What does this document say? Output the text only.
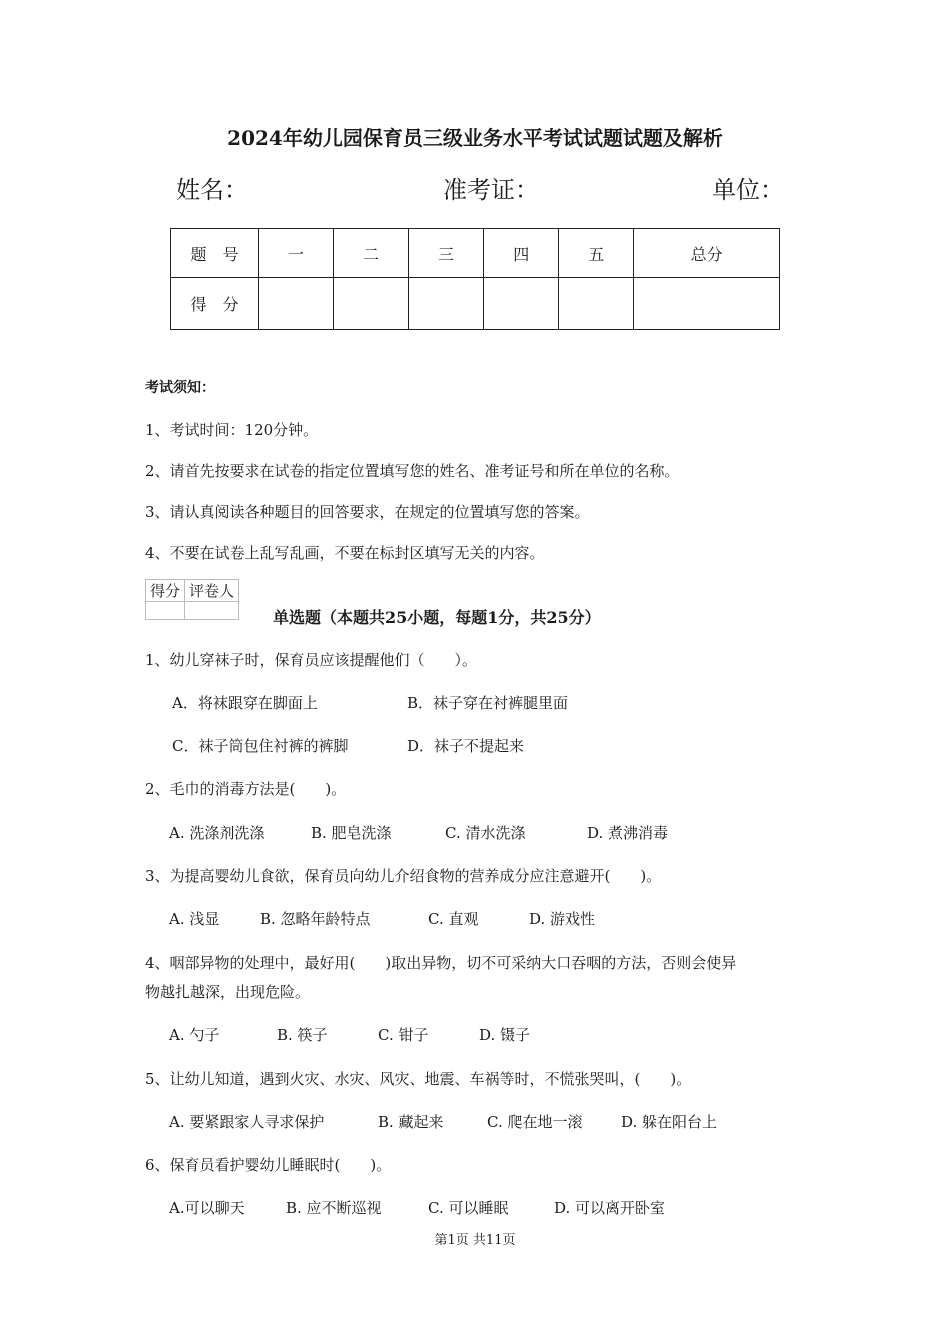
2024年幼儿园保育员三级业务水平考试试题试题及解析
姓名：	准考证：	单位：
题　号	一	二	三	四	五	总分
得　分						
考试须知：
1、考试时间：120分钟。
2、请首先按要求在试卷的指定位置填写您的姓名、准考证号和所在单位的名称。
3、请认真阅读各种题目的回答要求，在规定的位置填写您的答案。
4、不要在试卷上乱写乱画，不要在标封区填写无关的内容。
得分	评卷人

单选题（本题共25小题，每题1分，共25分）
1、幼儿穿袜子时，保育员应该提醒他们（　　）。
A．将袜跟穿在脚面上	B．袜子穿在衬裤腿里面
C．袜子筒包住衬裤的裤脚	D．袜子不提起来
2、毛巾的消毒方法是(　　)。
A. 洗涤剂洗涤	B. 肥皂洗涤	C. 清水洗涤	D. 煮沸消毒
3、为提高婴幼儿食欲，保育员向幼儿介绍食物的营养成分应注意避开(　　)。
A. 浅显	B. 忽略年龄特点	C. 直观	D. 游戏性
4、咽部异物的处理中，最好用(　　)取出异物，切不可采纳大口吞咽的方法，否则会使异
物越扎越深，出现危险。
A. 勺子	B. 筷子	C. 钳子	D. 镊子
5、让幼儿知道，遇到火灾、水灾、风灾、地震、车祸等时，不慌张哭叫，(　　)。
A. 要紧跟家人寻求保护	B. 藏起来	C. 爬在地一滚	D. 躲在阳台上
6、保育员看护婴幼儿睡眠时(　　)。
A.可以聊天	B. 应不断巡视	C. 可以睡眠	D. 可以离开卧室
第1页 共11页
